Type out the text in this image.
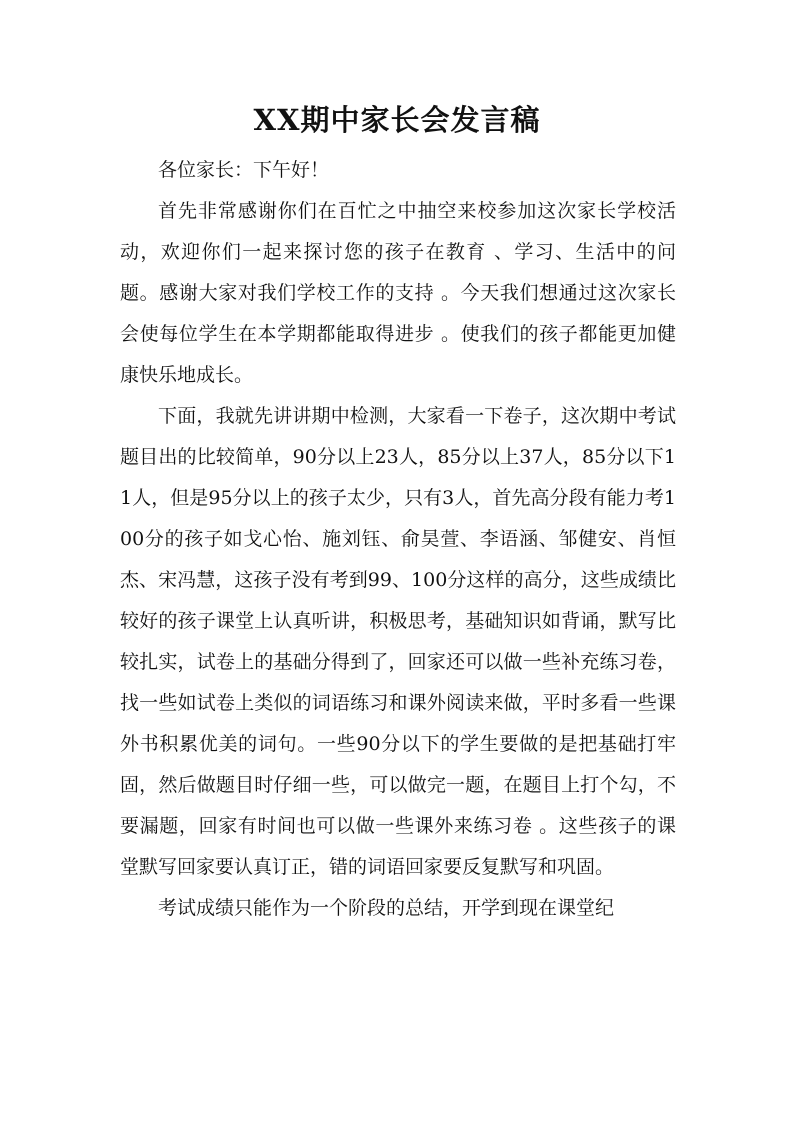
XX期中家长会发言稿

各位家长：下午好！

首先非常感谢你们在百忙之中抽空来校参加这次家长学校活动，欢迎你们一起来探讨您的孩子在教育 、学习、生活中的问题。感谢大家对我们学校工作的支持 。今天我们想通过这次家长会使每位学生在本学期都能取得进步 。使我们的孩子都能更加健康快乐地成长。

下面，我就先讲讲期中检测，大家看一下卷子，这次期中考试题目出的比较简单，90分以上23人，85分以上37人，85分以下11人，但是95分以上的孩子太少，只有3人，首先高分段有能力考100分的孩子如戈心怡、施刘钰、俞昊萱、李语涵、邹健安、肖恒杰、宋冯慧，这孩子没有考到99、100分这样的高分，这些成绩比较好的孩子课堂上认真听讲，积极思考，基础知识如背诵，默写比较扎实，试卷上的基础分得到了，回家还可以做一些补充练习卷，找一些如试卷上类似的词语练习和课外阅读来做，平时多看一些课外书积累优美的词句。一些90分以下的学生要做的是把基础打牢固，然后做题目时仔细一些，可以做完一题，在题目上打个勾，不要漏题，回家有时间也可以做一些课外来练习卷 。这些孩子的课堂默写回家要认真订正，错的词语回家要反复默写和巩固。

考试成绩只能作为一个阶段的总结，开学到现在课堂纪
